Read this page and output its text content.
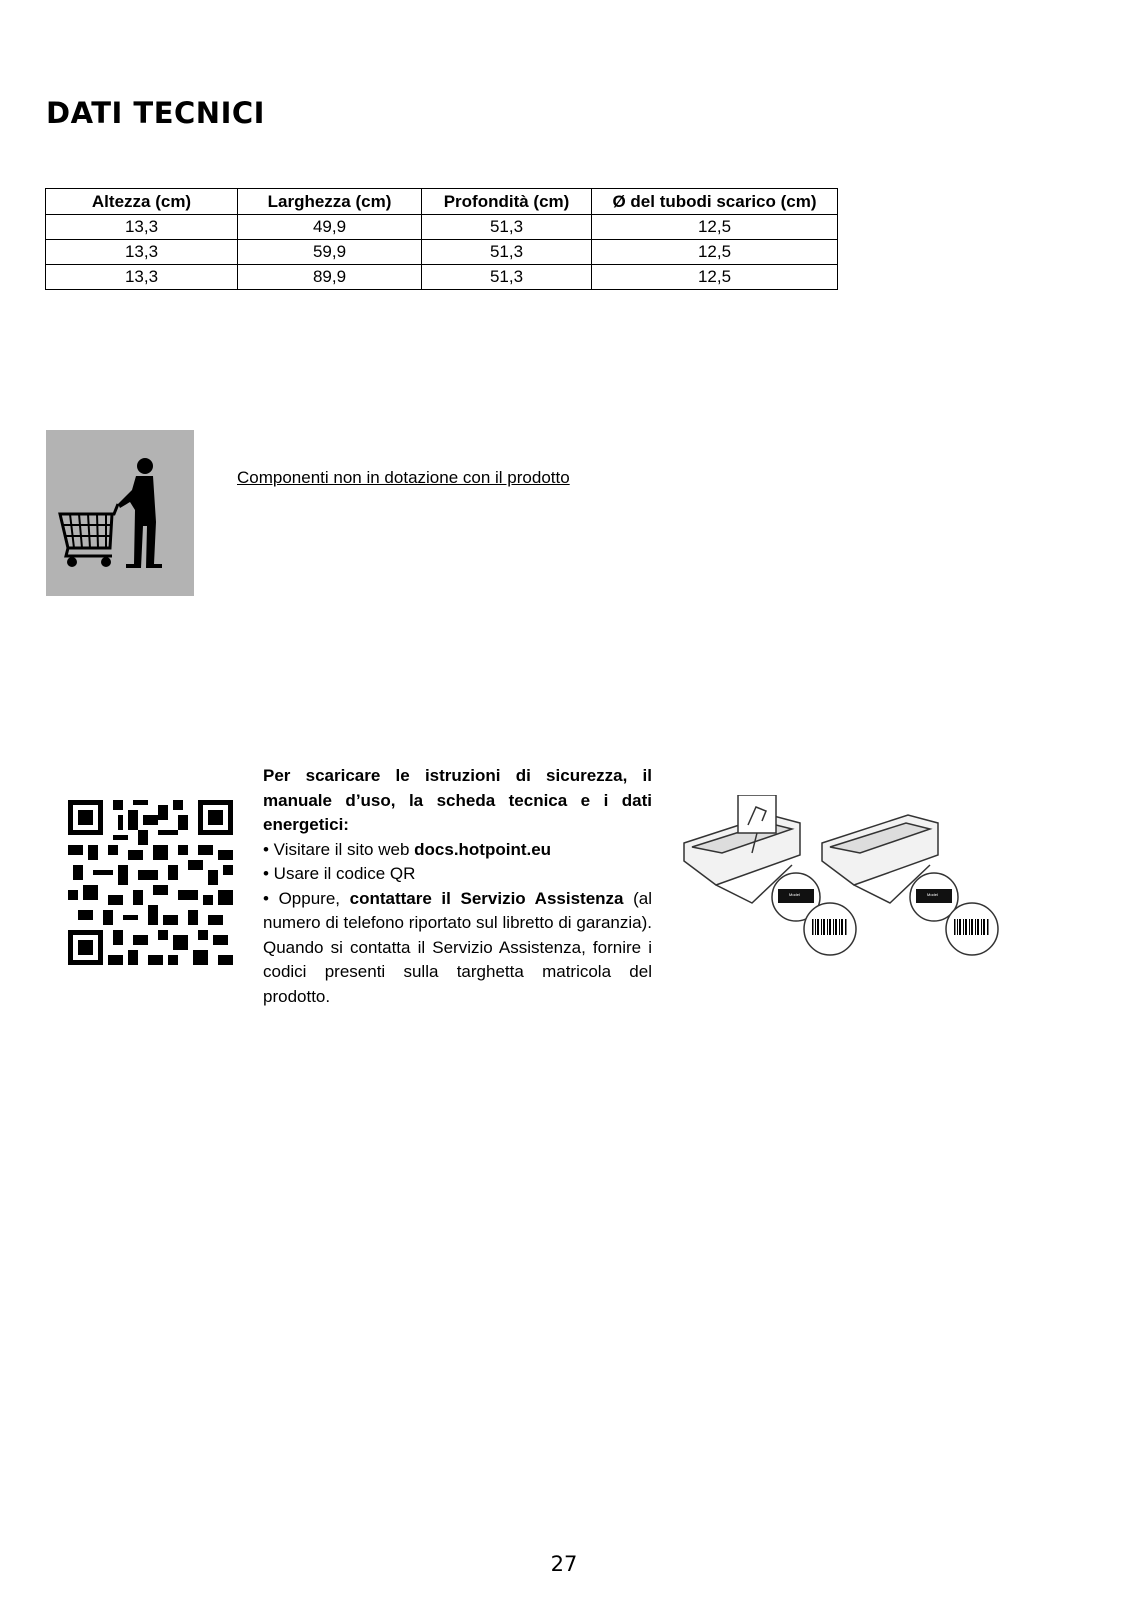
DATI TECNICI
Altezza (cm)	Larghezza (cm)	Profondità (cm)	Ø del tubodi scarico (cm)
13,3	49,9	51,3	12,5
13,3	59,9	51,3	12,5
13,3	89,9	51,3	12,5
Componenti non in dotazione con il prodotto

Per scaricare le istruzioni di sicurezza, il manuale d’uso, la scheda tecnica e i dati energetici:

• Visitare il sito web docs.hotpoint.eu

• Usare il codice QR

• Oppure, contattare il Servizio Assistenza (al numero di telefono riportato sul libretto di garanzia). Quando si contatta il Servizio Assistenza, fornire i codici presenti sulla targhetta matricola del prodotto.

Model	Model
27
